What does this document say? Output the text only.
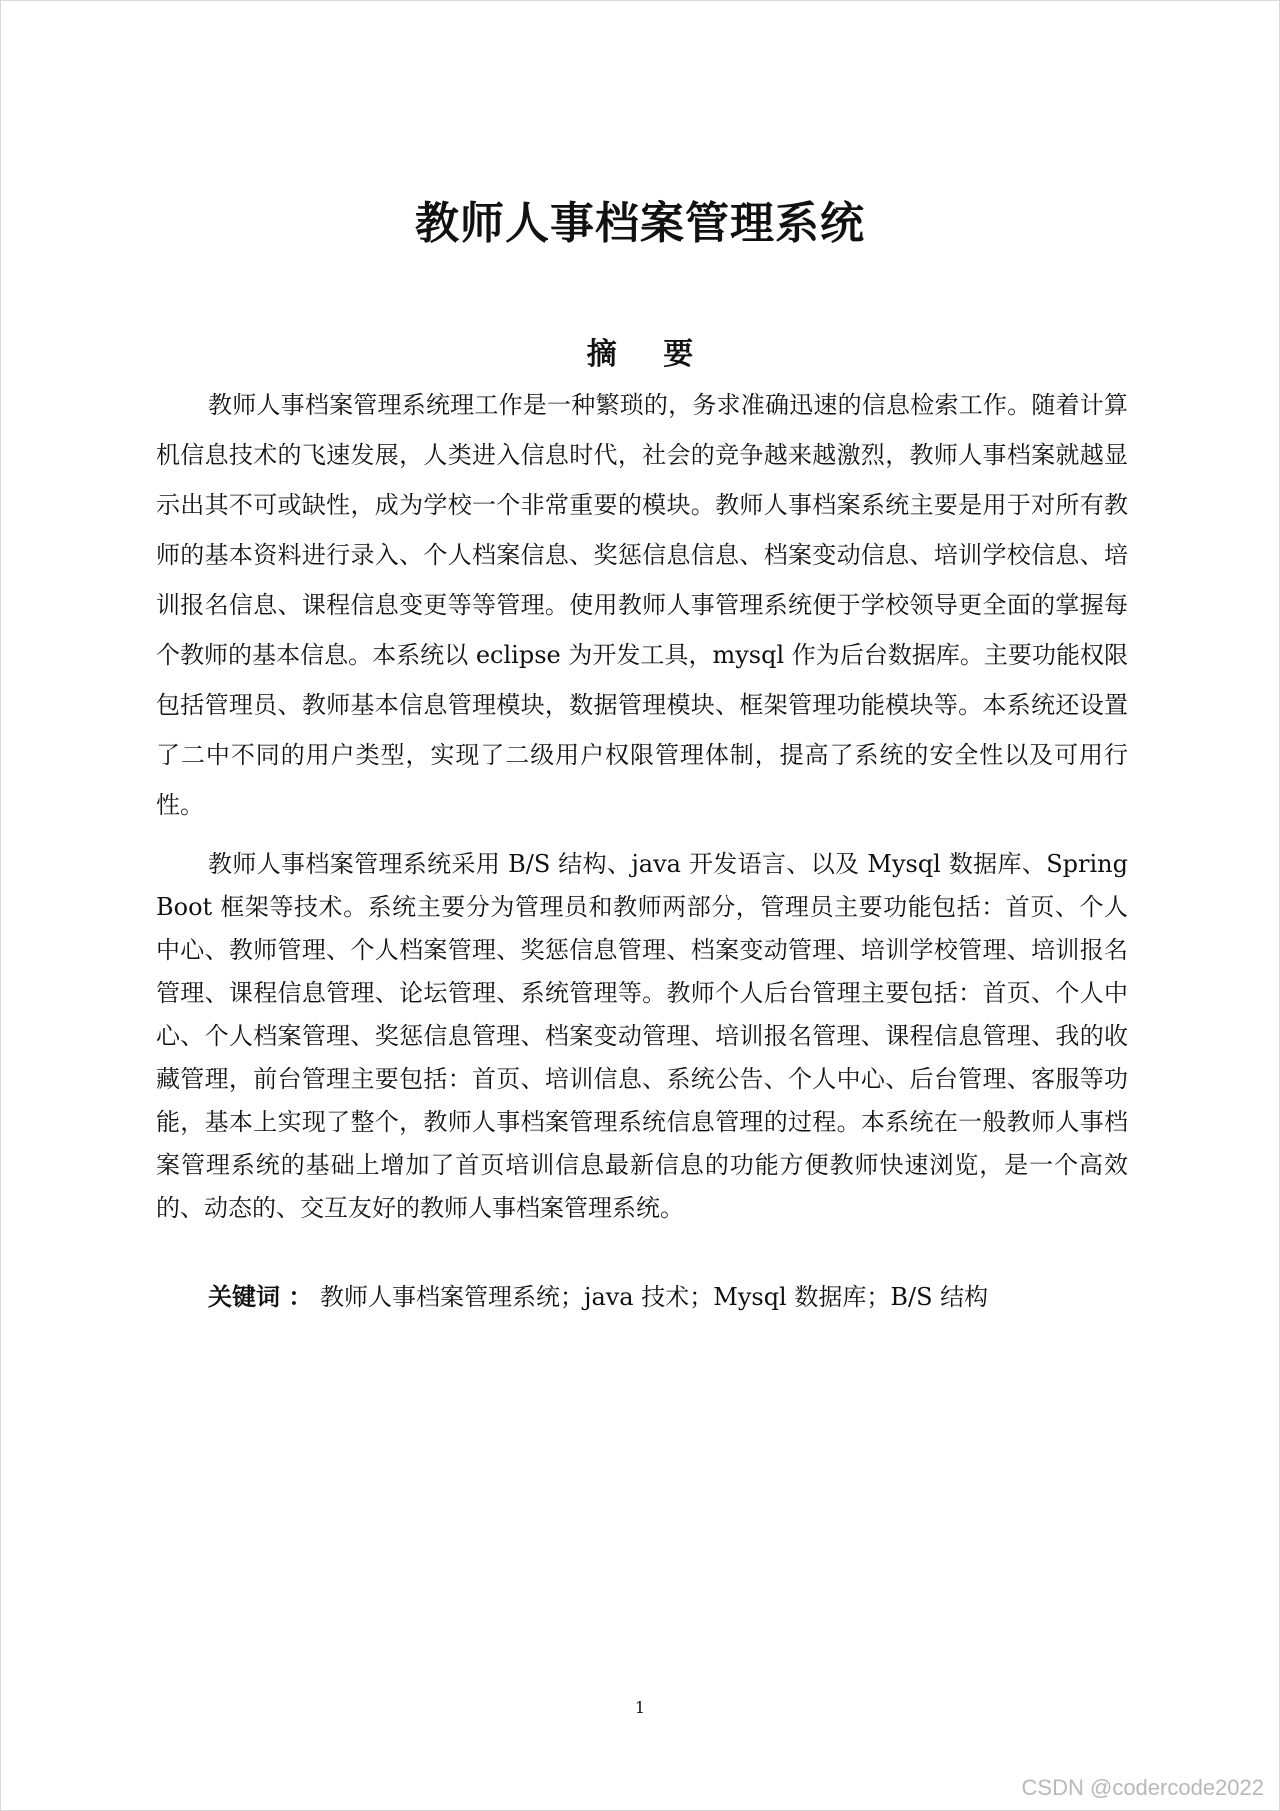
教师人事档案管理系统
摘 要

教师人事档案管理系统理工作是一种繁琐的，务求准确迅速的信息检索工作。随着计算机信息技术的飞速发展，人类进入信息时代，社会的竞争越来越激烈，教师人事档案就越显示出其不可或缺性，成为学校一个非常重要的模块。教师人事档案系统主要是用于对所有教师的基本资料进行录入、个人档案信息、奖惩信息信息、档案变动信息、培训学校信息、培训报名信息、课程信息变更等等管理。使用教师人事管理系统便于学校领导更全面的掌握每个教师的基本信息。本系统以 eclipse 为开发工具，mysql 作为后台数据库。主要功能权限包括管理员、教师基本信息管理模块，数据管理模块、框架管理功能模块等。本系统还设置了二中不同的用户类型，实现了二级用户权限管理体制，提高了系统的安全性以及可用行性。

教师人事档案管理系统采用 B/S 结构、java 开发语言、以及 Mysql 数据库、Spring Boot 框架等技术。系统主要分为管理员和教师两部分，管理员主要功能包括：首页、个人中心、教师管理、个人档案管理、奖惩信息管理、档案变动管理、培训学校管理、培训报名管理、课程信息管理、论坛管理、系统管理等。教师个人后台管理主要包括：首页、个人中心、个人档案管理、奖惩信息管理、档案变动管理、培训报名管理、课程信息管理、我的收藏管理，前台管理主要包括：首页、培训信息、系统公告、个人中心、后台管理、客服等功能，基本上实现了整个，教师人事档案管理系统信息管理的过程。本系统在一般教师人事档案管理系统的基础上增加了首页培训信息最新信息的功能方便教师快速浏览，是一个高效的、动态的、交互友好的教师人事档案管理系统。

关键词 ： 教师人事档案管理系统；java 技术；Mysql 数据库；B/S 结构

1

CSDN @codercode2022
